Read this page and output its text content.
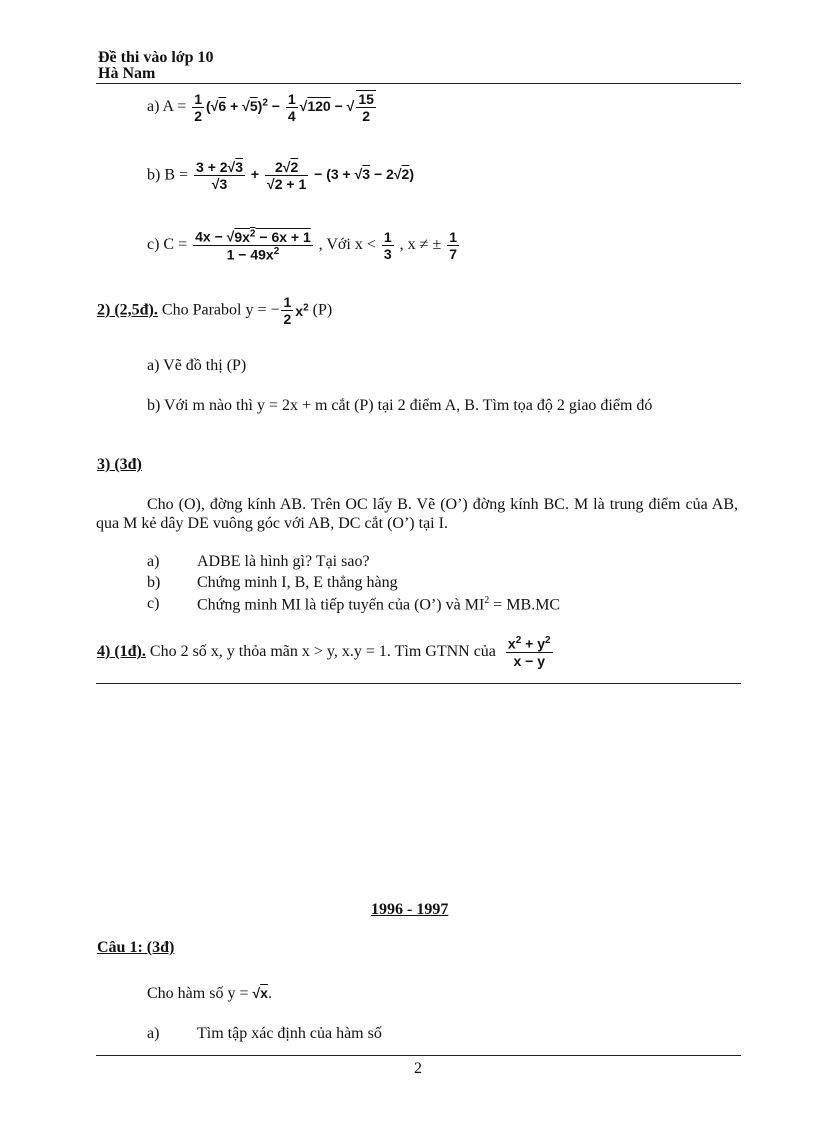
Đề thi vào lớp 10
Hà Nam
a) $A = \frac{1}{2} (√6 + √5)^2 - \frac{1}{4} √120$ − √ $\frac{15}{2}$
b) $B = \frac{3 + 2√3}{√3} + \frac{2√2}{√2 + 1} - (3 + √3 - 2√2)$
c) $C = \frac{4x - √9x^2 - 6x + 1}{1 - 49x^2}$ , Với $x < \frac{1}{3}$ , x ≠ ± $\frac{1}{7}$
2) (2,5đ). Cho Parabol y = − $\frac{1}{2} x^2$ (P)
a) Vẽ đồ thị (P)
b) Với m nào thì y = 2x + m cắt (P) tại 2 điểm A, B. Tìm tọa độ 2 giao điểm đó
3) (3đ)
Cho (O), đờng kính AB. Trên OC lấy B. Vẽ (O’) đờng kính BC. M là trung điểm của AB, qua M kẻ dây DE vuông góc với AB, DC cắt (O’) tại I.
a) ADBE là hình gì? Tại sao?
b) Chứng minh I, B, E thẳng hàng
c) Chứng minh MI là tiếp tuyến của (O’) và $MI^2 = MB.MC$
4) (1đ). Cho 2 số x, y thỏa mãn x > y, x.y = 1. Tìm GTNN của $\frac{x^2 + y^2}{x - y}$
1996 - 1997
Câu 1: (3đ)
Cho hàm số y = √x.
a) Tìm tập xác định của hàm số
2
